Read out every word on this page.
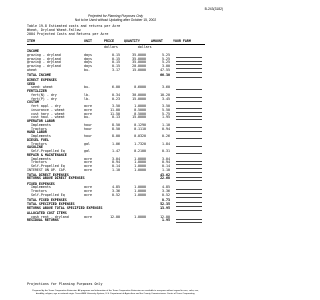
B-243(3182)
Projected for Planning Purposes Only
Not to be Used without Updating after October 15, 2002
Table 19.8 Estimated costs and returns per Acre
Wheat, Dryland Wheat-Fallow
2004 Projected Costs and Returns per Acre
ITEM	UNIT	PRICE	QUANTITY	AMOUNT	YOUR FARM
dollars          dollars
INCOME
grazing - dryland	days	0.15	35.0000	5.25
grazing - dryland	days	0.15	35.0000	5.25
grazing - dryland	days	0.15	35.0000	5.25
grazing - dryland	days	0.15	20.0000	3.00
wheat	bu.	3.17	15.0000	47.55
TOTAL INCOME	66.30
DIRECT EXPENSES
SEED
seed: wheat	bu.	6.00	0.6000	3.60
FERTILIZER
fert(N) - dry	lb.	0.34	30.0000	10.20
fert(P) - dry	lb.	0.23	15.0000	3.45
CUSTOM
fert appl - dry	acre	3.50	1.0000	3.50
insurance - wheat	acre	11.00	0.5000	5.50
cust harv - wheat	acre	11.50	0.5000	5.75
cust haul - wheat	bu.	0.13	15.0000	1.95
OPERATOR LABOR
Implements	hour	8.50	0.1290	1.10
Tractors	hour	8.50	0.1110	0.94
HAND LABOR
Implements	hour	8.00	0.0320	0.26
DIESEL FUEL
Tractors	gal	1.06	1.7320	1.84
GASOLINE
Self-Propelled Eq	gal	1.47	0.2100	0.31
REPAIR & MAINTENANCE
Implements	acre	3.04	1.0000	3.04
Tractors	acre	0.94	1.0000	0.94
Self-Propelled Eq	acre	0.14	1.0000	0.14
INTEREST ON OP. CAP.	acre	1.10	1.0000	1.10
TOTAL DIRECT EXPENSES	43.62
RETURNS ABOVE DIRECT EXPENSES	22.68
FIXED EXPENSES
Implements	acre	4.85	1.0000	4.85
Tractors	acre	3.36	1.0000	3.36
Self-Propelled Eq	acre	0.52	1.0000	0.52
TOTAL FIXED EXPENSES	8.73
TOTAL SPECIFIED EXPENSES	52.35
RETURNS ABOVE TOTAL SPECIFIED EXPENSES	13.95
ALLOCATED COST ITEMS
cash rent - dryland	acre	12.00	1.0000	12.00
RESIDUAL RETURNS	1.95
Projections for Planning Purposes Only
Prepared by the Texas Cooperative Extension. All programs and information of the Texas Cooperative Extension are available to everyone without regard to race, color, sex,
disability, religion, age or national origin. Texas A&M University System, U.S. Department of Agriculture and the County Commissioners Courts of Texas Cooperating.
